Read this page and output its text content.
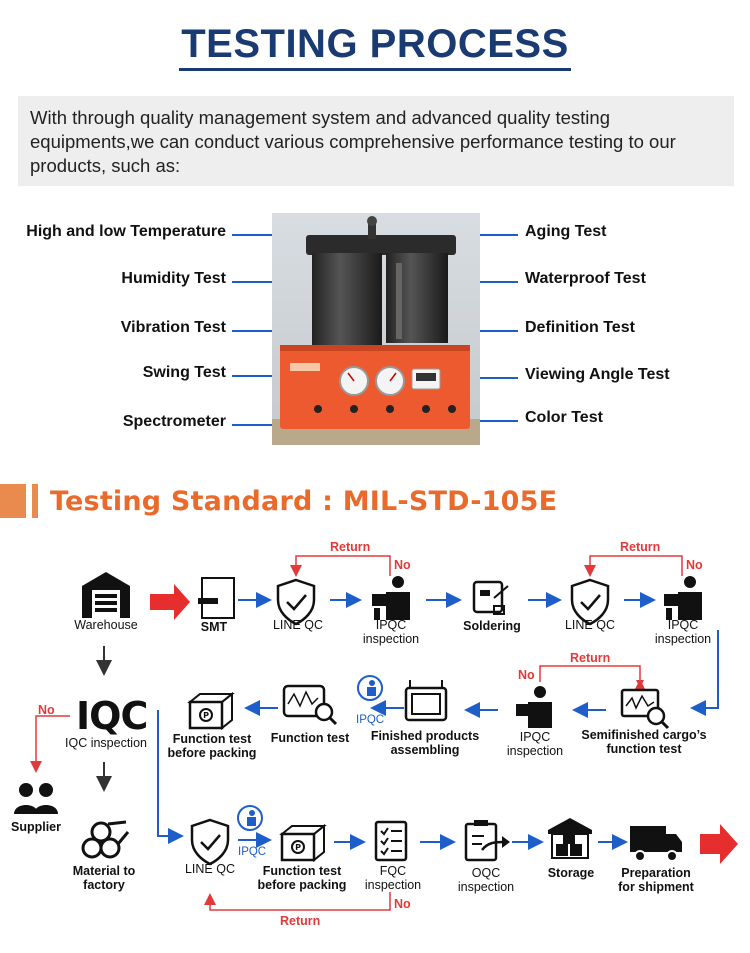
TESTING PROCESS
With through quality management system and advanced quality testing equipments,we can conduct various comprehensive performance testing to our products, such as:
High and low Temperature
Humidity Test
Vibration Test
Swing Test
Spectrometer
Aging Test
Waterproof Test
Definition Test
Viewing Angle Test
Color Test
Testing Standard : MIL-STD-105E
P
P
Warehouse	SMT	LINE QC	IPQC inspection
Soldering	LINE QC	IPQC inspection
Return
No
Return
No
IQC
IQC inspection
No
Function test before packing
Function test	Finished products assembling
IPQC
IPQC inspection
Semifinished cargo’s function test
Return
No
Supplier
Material to factory
LINE QC
IPQC
Function test before packing
FQC inspection
OQC inspection
Storage	Preparation for shipment
No
Return
